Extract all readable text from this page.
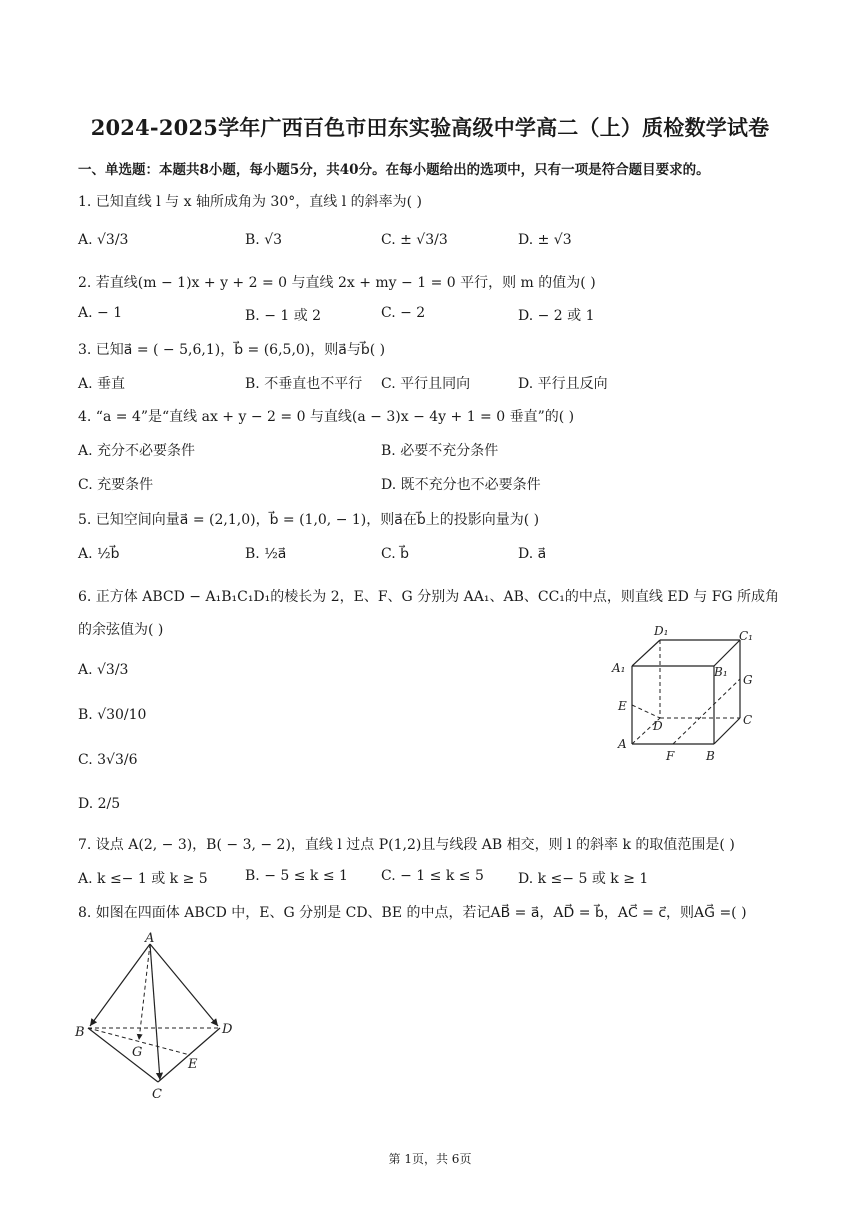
2024-2025学年广西百色市田东实验高级中学高二（上）质检数学试卷
一、单选题：本题共8小题，每小题5分，共40分。在每小题给出的选项中，只有一项是符合题目要求的。
1. 已知直线 l 与 x 轴所成角为 30°，直线 l 的斜率为( )
A. √3/3	B. √3	C. ± √3/3	D. ± √3
2. 若直线(m − 1)x + y + 2 = 0 与直线 2x + my − 1 = 0 平行，则 m 的值为( )
A. − 1	B. − 1 或 2	C. − 2	D. − 2 或 1
3. 已知a⃗ = ( − 5,6,1)，b⃗ = (6,5,0)，则a⃗与b⃗( )
A. 垂直	B. 不垂直也不平行 C. 平行且同向	D. 平行且反向
4. “a = 4”是“直线 ax + y − 2 = 0 与直线(a − 3)x − 4y + 1 = 0 垂直”的( )
A. 充分不必要条件	B. 必要不充分条件
C. 充要条件	D. 既不充分也不必要条件
5. 已知空间向量a⃗ = (2,1,0)，b⃗ = (1,0, − 1)，则a⃗在b⃗上的投影向量为( )
A. ½b⃗	B. ½a⃗	C. b⃗	D. a⃗
6. 正方体 ABCD − A₁B₁C₁D₁的棱长为 2，E、F、G 分别为 AA₁、AB、CC₁的中点，则直线 ED 与 FG 所成角
的余弦值为( )
A. √3/3
B. √30/10
C. 3√3/6
D. 2/5
D₁	C₁
A₁	B₁
G
E
D	C
A
F	B
7. 设点 A(2, − 3)，B( − 3, − 2)，直线 l 过点 P(1,2)且与线段 AB 相交，则 l 的斜率 k 的取值范围是( )
A. k ≤− 1 或 k ≥ 5	B. − 5 ≤ k ≤ 1 C. − 1 ≤ k ≤ 5 D. k ≤− 5 或 k ≥ 1
8. 如图在四面体 ABCD 中，E、G 分别是 CD、BE 的中点，若记AB⃗ = a⃗，AD⃗ = b⃗，AC⃗ = c⃗，则AG⃗ =( )
A
B	D
G
E
C
第 1页，共 6页
